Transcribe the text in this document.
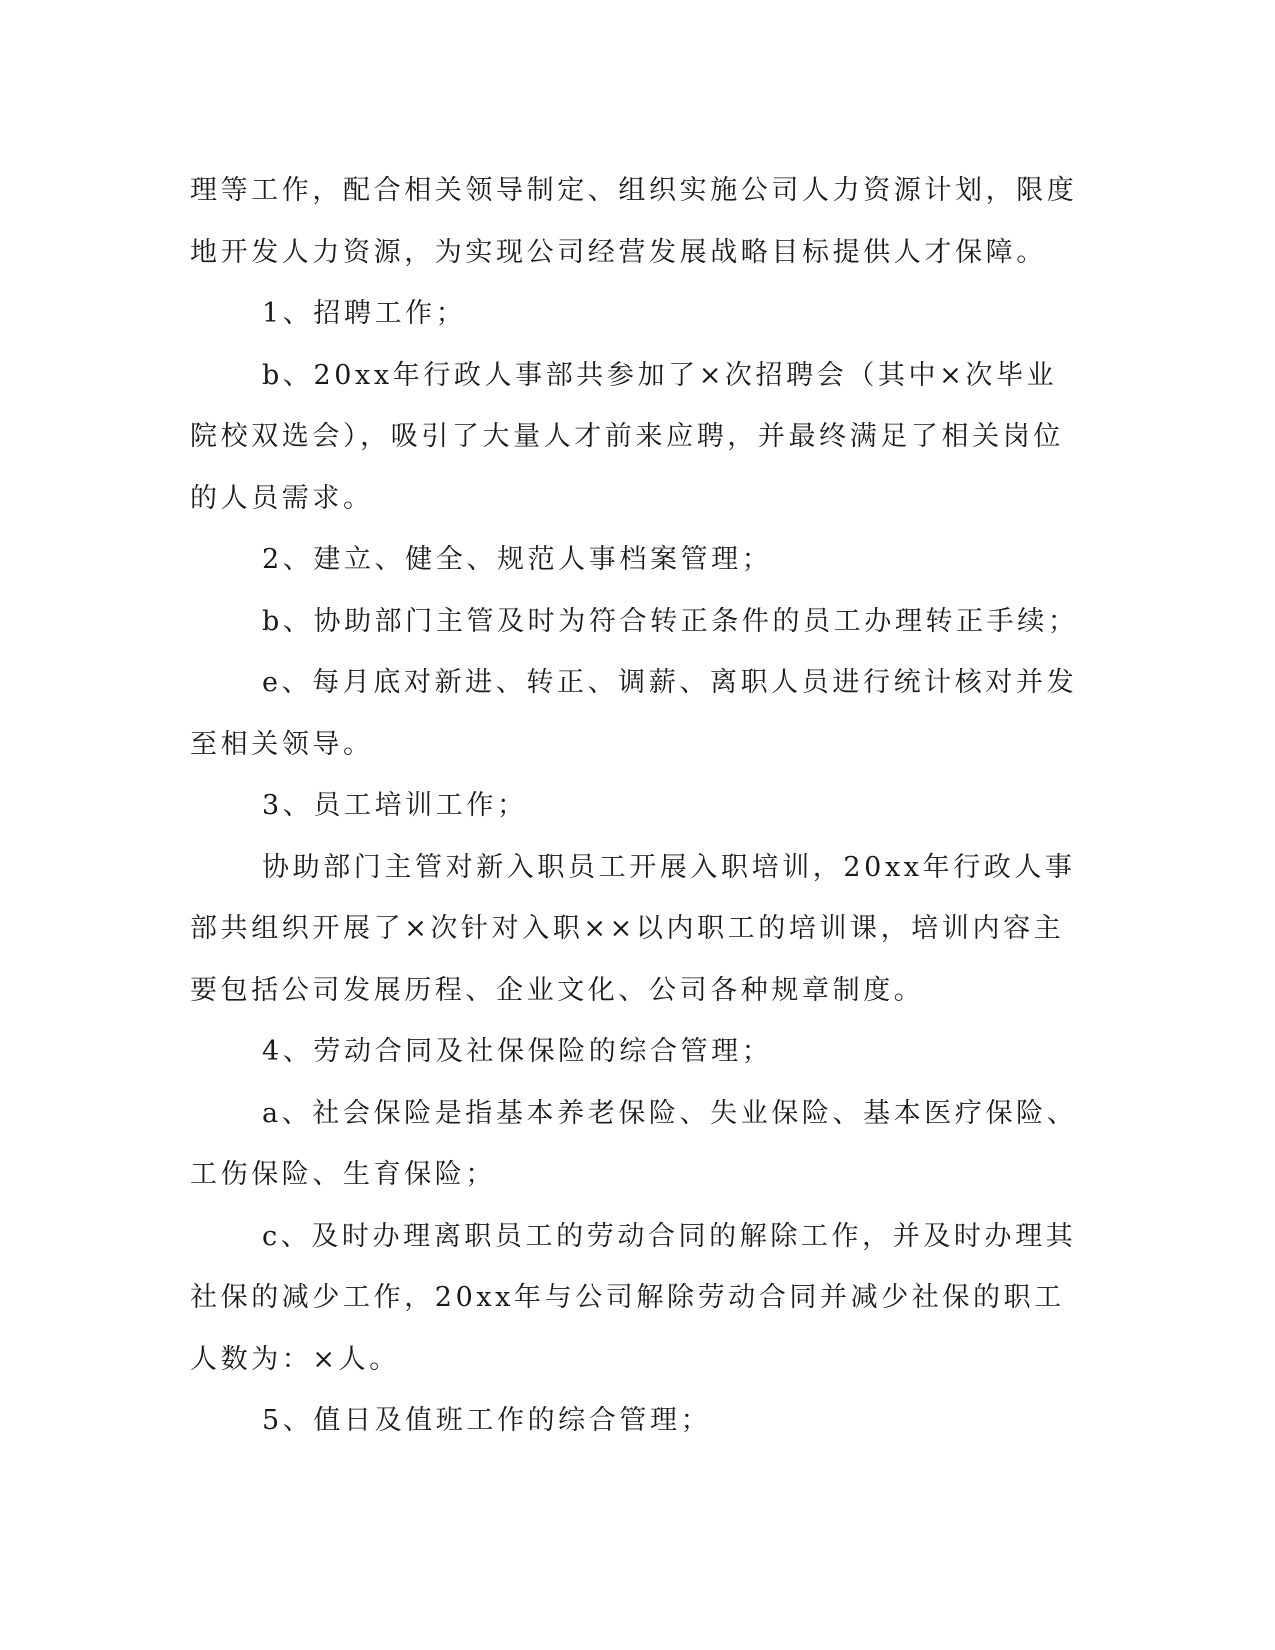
理等工作，配合相关领导制定、组织实施公司人力资源计划，限度地开发人力资源，为实现公司经营发展战略目标提供人才保障。

1、招聘工作；

b、20xx年行政人事部共参加了×次招聘会（其中×次毕业院校双选会），吸引了大量人才前来应聘，并最终满足了相关岗位的人员需求。

2、建立、健全、规范人事档案管理；

b、协助部门主管及时为符合转正条件的员工办理转正手续；

e、每月底对新进、转正、调薪、离职人员进行统计核对并发至相关领导。

3、员工培训工作；

协助部门主管对新入职员工开展入职培训，20xx年行政人事部共组织开展了×次针对入职××以内职工的培训课，培训内容主要包括公司发展历程、企业文化、公司各种规章制度。

4、劳动合同及社保保险的综合管理；

a、社会保险是指基本养老保险、失业保险、基本医疗保险、工伤保险、生育保险；

c、及时办理离职员工的劳动合同的解除工作，并及时办理其社保的减少工作，20xx年与公司解除劳动合同并减少社保的职工人数为：×人。

5、值日及值班工作的综合管理；
